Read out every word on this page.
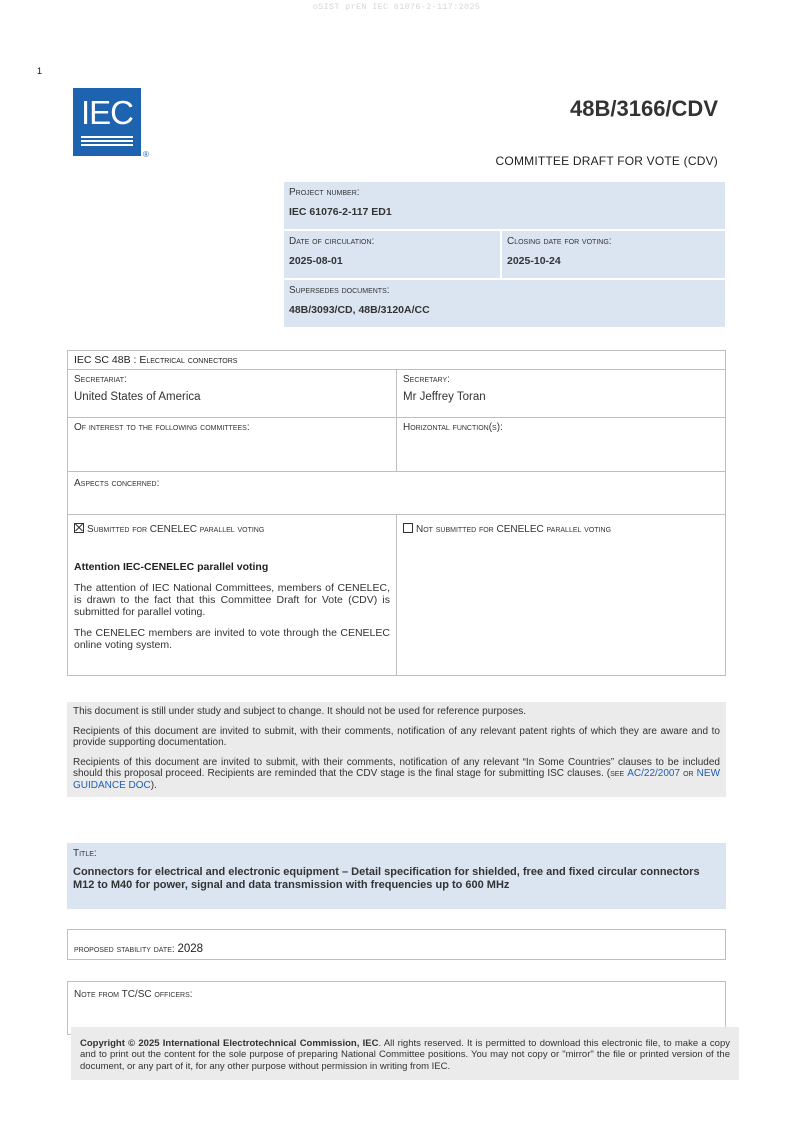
oSIST prEN IEC 61076-2-117:2025
1
IEC
®
48B/3166/CDV
COMMITTEE DRAFT FOR VOTE (CDV)
Project number:
IEC 61076-2-117 ED1
Date of circulation:
2025-08-01
Closing date for voting:
2025-10-24
Supersedes documents:
48B/3093/CD, 48B/3120A/CC
IEC SC 48B : Electrical connectors
Secretariat:
United States of America
Secretary:
Mr Jeffrey Toran
Of interest to the following committees:	Horizontal function(s):
Aspects concerned:
Submitted for CENELEC parallel voting
Attention IEC-CENELEC parallel voting
The attention of IEC National Committees, members of CENELEC, is drawn to the fact that this Committee Draft for Vote (CDV) is submitted for parallel voting.
The CENELEC members are invited to vote through the CENELEC online voting system.
Not submitted for CENELEC parallel voting

This document is still under study and subject to change. It should not be used for reference purposes.

Recipients of this document are invited to submit, with their comments, notification of any relevant patent rights of which they are aware and to provide supporting documentation.

Recipients of this document are invited to submit, with their comments, notification of any relevant “In Some Countries” clauses to be included should this proposal proceed. Recipients are reminded that the CDV stage is the final stage for submitting ISC clauses. (see AC/22/2007 or NEW GUIDANCE DOC).

Title:
Connectors for electrical and electronic equipment – Detail specification for shielded, free and fixed circular connectors M12 to M40 for power, signal and data transmission with frequencies up to 600 MHz
proposed stability date: 2028
Note from TC/SC officers:
Copyright © 2025 International Electrotechnical Commission, IEC. All rights reserved. It is permitted to download this electronic file, to make a copy and to print out the content for the sole purpose of preparing National Committee positions. You may not copy or "mirror" the file or printed version of the document, or any part of it, for any other purpose without permission in writing from IEC.
